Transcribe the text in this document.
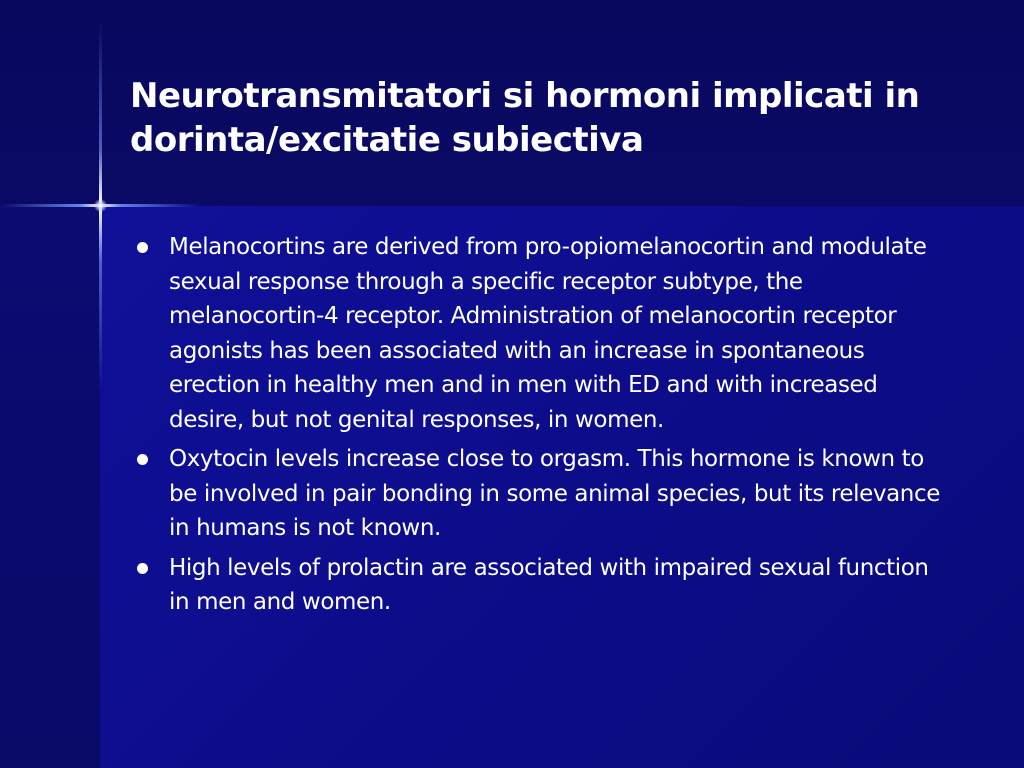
Neurotransmitatori si hormoni implicati in dorinta/excitatie subiectiva
Melanocortins are derived from pro-opiomelanocortin and modulate sexual response through a specific receptor subtype, the melanocortin-4 receptor. Administration of melanocortin receptor agonists has been associated with an increase in spontaneous erection in healthy men and in men with ED and with increased desire, but not genital responses, in women.
Oxytocin levels increase close to orgasm. This hormone is known to be involved in pair bonding in some animal species, but its relevance in humans is not known.
High levels of prolactin are associated with impaired sexual function in men and women.
